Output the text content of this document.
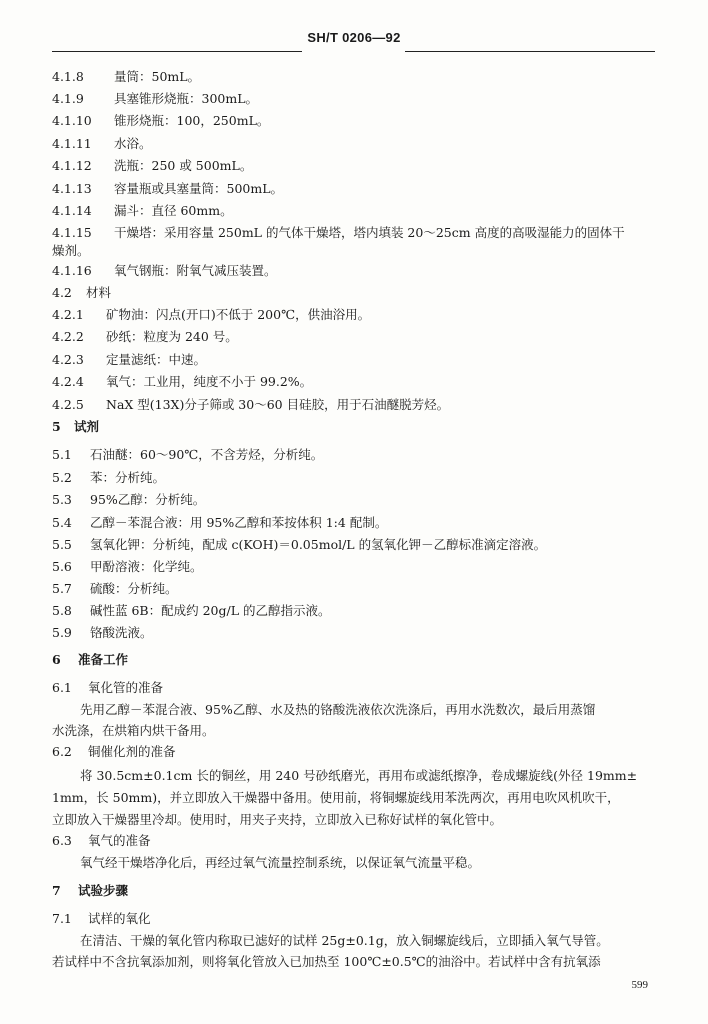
SH/T 0206—92
4.1.8 量筒：50mL。
4.1.9 具塞锥形烧瓶：300mL。
4.1.10 锥形烧瓶：100，250mL。
4.1.11 水浴。
4.1.12 洗瓶：250 或 500mL。
4.1.13 容量瓶或具塞量筒：500mL。
4.1.14 漏斗：直径 60mm。
4.1.15 干燥塔：采用容量 250mL 的气体干燥塔，塔内填装 20～25cm 高度的高吸湿能力的固体干
燥剂。
4.1.16 氧气钢瓶：附氧气减压装置。
4.2 材料
4.2.1 矿物油：闪点(开口)不低于 200℃，供油浴用。
4.2.2 砂纸：粒度为 240 号。
4.2.3 定量滤纸：中速。
4.2.4 氧气：工业用，纯度不小于 99.2%。
4.2.5 NaX 型(13X)分子筛或 30～60 目硅胶，用于石油醚脱芳烃。
5 试剂
5.1 石油醚：60～90℃，不含芳烃，分析纯。
5.2 苯：分析纯。
5.3 95%乙醇：分析纯。
5.4 乙醇－苯混合液：用 95%乙醇和苯按体积 1:4 配制。
5.5 氢氧化钾：分析纯，配成 c(KOH)＝0.05mol/L 的氢氧化钾－乙醇标准滴定溶液。
5.6 甲酚溶液：化学纯。
5.7 硫酸：分析纯。
5.8 碱性蓝 6B：配成约 20g/L 的乙醇指示液。
5.9 铬酸洗液。
6 准备工作
6.1 氧化管的准备
先用乙醇－苯混合液、95%乙醇、水及热的铬酸洗液依次洗涤后，再用水洗数次，最后用蒸馏
水洗涤，在烘箱内烘干备用。
6.2 铜催化剂的准备
将 30.5cm±0.1cm 长的铜丝，用 240 号砂纸磨光，再用布或滤纸擦净，卷成螺旋线(外径 19mm±
1mm，长 50mm)，并立即放入干燥器中备用。使用前，将铜螺旋线用苯洗两次，再用电吹风机吹干，
立即放入干燥器里冷却。使用时，用夹子夹持，立即放入已称好试样的氧化管中。
6.3 氧气的准备
氧气经干燥塔净化后，再经过氧气流量控制系统，以保证氧气流量平稳。
7 试验步骤
7.1 试样的氧化
在清洁、干燥的氧化管内称取已滤好的试样 25g±0.1g，放入铜螺旋线后，立即插入氧气导管。
若试样中不含抗氧添加剂，则将氧化管放入已加热至 100℃±0.5℃的油浴中。若试样中含有抗氧添
599
